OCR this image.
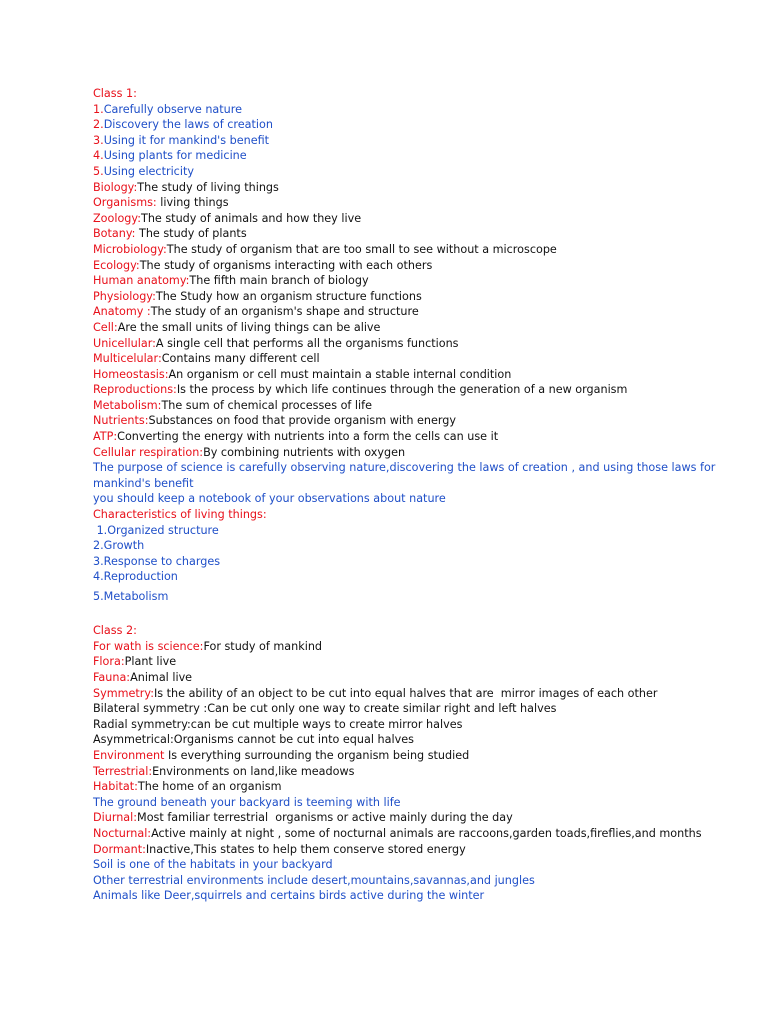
Class 1:
1.Carefully observe nature
2.Discovery the laws of creation
3.Using it for mankind's benefit
4.Using plants for medicine
5.Using electricity
Biology:The study of living things
Organisms: living things
Zoology:The study of animals and how they live
Botany: The study of plants
Microbiology:The study of organism that are too small to see without a microscope
Ecology:The study of organisms interacting with each others
Human anatomy:The fifth main branch of biology
Physiology:The Study how an organism structure functions
Anatomy :The study of an organism's shape and structure
Cell:Are the small units of living things can be alive
Unicellular:A single cell that performs all the organisms functions
Multicelular:Contains many different cell
Homeostasis:An organism or cell must maintain a stable internal condition
Reproductions:Is the process by which life continues through the generation of a new organism
Metabolism:The sum of chemical processes of life
Nutrients:Substances on food that provide organism with energy
ATP:Converting the energy with nutrients into a form the cells can use it
Cellular respiration:By combining nutrients with oxygen
The purpose of science is carefully observing nature,discovering the laws of creation , and using those laws for mankind's benefit
you should keep a notebook of your observations about nature
Characteristics of living things:
1.Organized structure
2.Growth
3.Response to charges
4.Reproduction
5.Metabolism
Class 2:
For wath is science:For study of mankind
Flora:Plant live
Fauna:Animal live
Symmetry:Is the ability of an object to be cut into equal halves that are  mirror images of each other
Bilateral symmetry :Can be cut only one way to create similar right and left halves
Radial symmetry:can be cut multiple ways to create mirror halves
Asymmetrical:Organisms cannot be cut into equal halves
Environment Is everything surrounding the organism being studied
Terrestrial:Environments on land,like meadows
Habitat:The home of an organism
The ground beneath your backyard is teeming with life
Diurnal:Most familiar terrestrial  organisms or active mainly during the day
Nocturnal:Active mainly at night , some of nocturnal animals are raccoons,garden toads,fireflies,and months
Dormant:Inactive,This states to help them conserve stored energy
Soil is one of the habitats in your backyard
Other terrestrial environments include desert,mountains,savannas,and jungles
Animals like Deer,squirrels and certains birds active during the winter
